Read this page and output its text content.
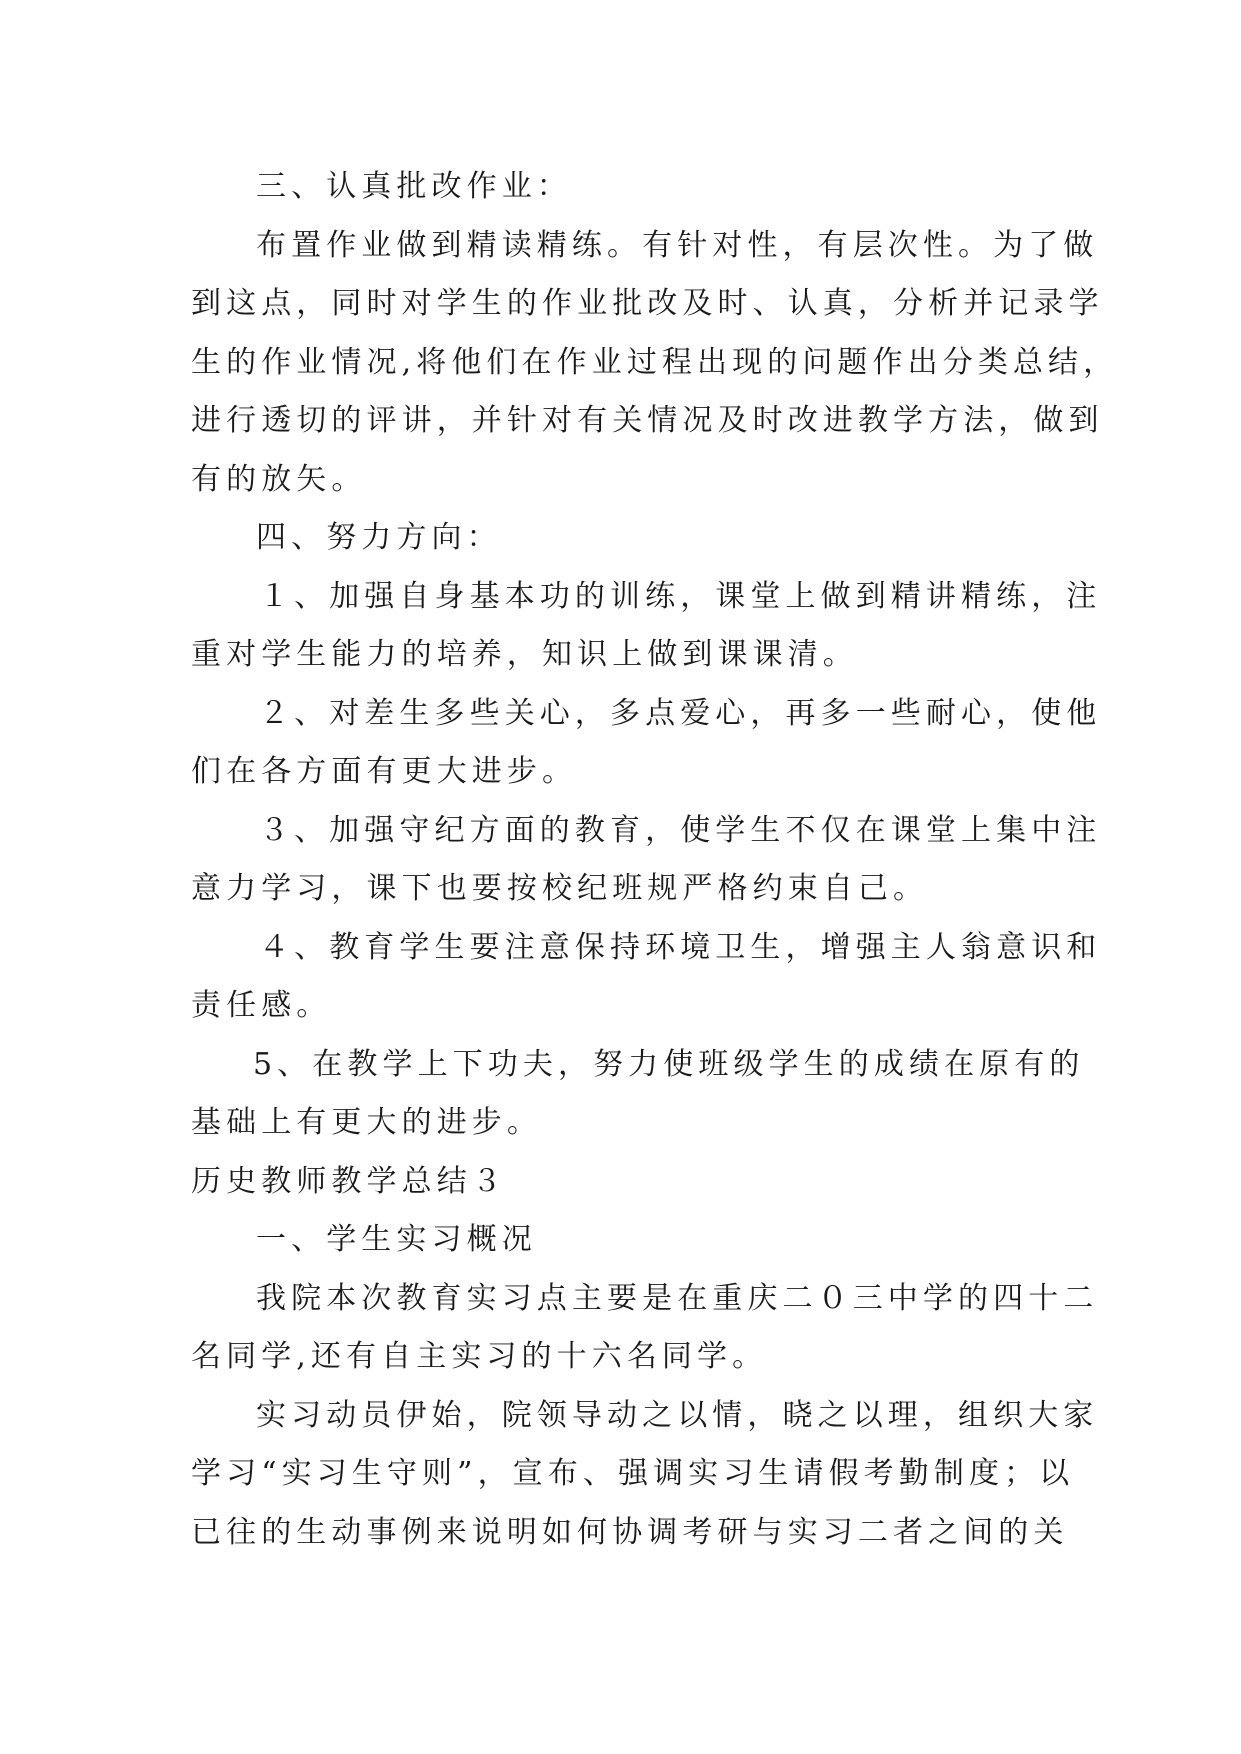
三、认真批改作业：
布置作业做到精读精练。有针对性，有层次性。为了做
到这点，同时对学生的作业批改及时、认真，分析并记录学
生的作业情况,将他们在作业过程出现的问题作出分类总结，
进行透切的评讲，并针对有关情况及时改进教学方法，做到
有的放矢。
四、努力方向：
１、加强自身基本功的训练，课堂上做到精讲精练，注
重对学生能力的培养，知识上做到课课清。
２、对差生多些关心，多点爱心，再多一些耐心，使他
们在各方面有更大进步。
３、加强守纪方面的教育，使学生不仅在课堂上集中注
意力学习，课下也要按校纪班规严格约束自己。
４、教育学生要注意保持环境卫生，增强主人翁意识和
责任感。
5、在教学上下功夫，努力使班级学生的成绩在原有的
基础上有更大的进步。
历史教师教学总结３
一、学生实习概况
我院本次教育实习点主要是在重庆二０三中学的四十二
名同学,还有自主实习的十六名同学。
实习动员伊始，院领导动之以情，晓之以理，组织大家
学习“实习生守则”，宣布、强调实习生请假考勤制度；以
已往的生动事例来说明如何协调考研与实习二者之间的关
